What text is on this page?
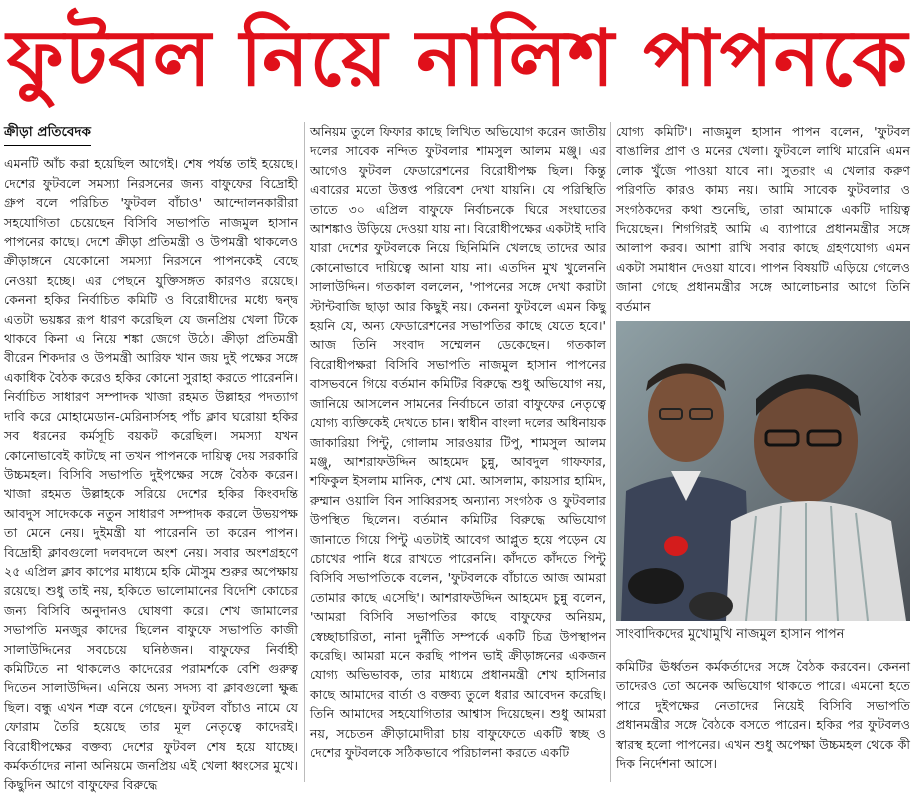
ফুটবল নিয়ে নালিশ পাপনকে
ক্রীড়া প্রতিবেদক

এমনটি আঁচ করা হয়েছিল আগেই। শেষ পর্যন্ত তাই হয়েছে। দেশের ফুটবলে সমস্যা নিরসনের জন্য বাফুফের বিদ্রোহী গ্রুপ বলে পরিচিত 'ফুটবল বাঁচাও' আন্দোলনকারীরা সহযোগিতা চেয়েছেন বিসিবি সভাপতি নাজমুল হাসান পাপনের কাছে। দেশে ক্রীড়া প্রতিমন্ত্রী ও উপমন্ত্রী থাকলেও ক্রীড়াঙ্গনে যেকোনো সমস্যা নিরসনে পাপনকেই বেছে নেওয়া হচ্ছে। এর পেছনে যুক্তিসঙ্গত কারণও রয়েছে। কেননা হকির নির্বাচিত কমিটি ও বিরোধীদের মধ্যে দ্বন্দ্ব এতটা ভয়ঙ্কর রূপ ধারণ করেছিল যে জনপ্রিয় খেলা টিকে থাকবে কিনা এ নিয়ে শঙ্কা জেগে উঠে। ক্রীড়া প্রতিমন্ত্রী বীরেন শিকদার ও উপমন্ত্রী আরিফ খান জয় দুই পক্ষের সঙ্গে একাধিক বৈঠক করেও হকির কোনো সুরাহা করতে পারেননি। নির্বাচিত সাধারণ সম্পাদক খাজা রহমত উল্লাহর পদত্যাগ দাবি করে মোহামেডান-মেরিনার্সসহ পাঁচ ক্লাব ঘরোয়া হকির সব ধরনের কর্মসূচি বয়কট করেছিল। সমস্যা যখন কোনোভাবেই কাটছে না তখন পাপনকে দায়িত্ব দেয় সরকারি উচ্চমহল। বিসিবি সভাপতি দুইপক্ষের সঙ্গে বৈঠক করেন। খাজা রহমত উল্লাহকে সরিয়ে দেশের হকির কিংবদন্তি আবদুস সাদেককে নতুন সাধারণ সম্পাদক করলে উভয়পক্ষ তা মেনে নেয়। দুইমন্ত্রী যা পারেননি তা করেন পাপন। বিদ্রোহী ক্লাবগুলো দলবদলে অংশ নেয়। সবার অংশগ্রহণে ২৫ এপ্রিল ক্লাব কাপের মাধ্যমে হকি মৌসুম শুরুর অপেক্ষায় রয়েছে। শুধু তাই নয়, হকিতে ভালোমানের বিদেশি কোচের জন্য বিসিবি অনুদানও ঘোষণা করে। শেখ জামালের সভাপতি মনজুর কাদের ছিলেন বাফুফে সভাপতি কাজী সালাউদ্দিনের সবচেয়ে ঘনিষ্ঠজন। বাফুফের নির্বাহী কমিটিতে না থাকলেও কাদেরের পরামর্শকে বেশি গুরুত্ব দিতেন সালাউদ্দিন। এনিয়ে অন্য সদস্য বা ক্লাবগুলো ক্ষুব্ধ ছিল। বন্ধু এখন শত্রু বনে গেছেন। ফুটবল বাঁচাও নামে যে ফোরাম তৈরি হয়েছে তার মূল নেতৃত্বে কাদেরই। বিরোধীপক্ষের বক্তব্য দেশের ফুটবল শেষ হয়ে যাচ্ছে। কর্মকর্তাদের নানা অনিয়মে জনপ্রিয় এই খেলা ধ্বংসের মুখে। কিছুদিন আগে বাফুফের বিরুদ্ধে

অনিয়ম তুলে ফিফার কাছে লিখিত অভিযোগ করেন জাতীয় দলের সাবেক নন্দিত ফুটবলার শামসুল আলম মঞ্জু। এর আগেও ফুটবল ফেডারেশনের বিরোধীপক্ষ ছিল। কিন্তু এবারের মতো উত্তপ্ত পরিবেশ দেখা যায়নি। যে পরিস্থিতি তাতে ৩০ এপ্রিল বাফুফে নির্বাচনকে ঘিরে সংঘাতের আশঙ্কাও উড়িয়ে দেওয়া যায় না। বিরোধীপক্ষের একটাই দাবি যারা দেশের ফুটবলকে নিয়ে ছিনিমিনি খেলছে তাদের আর কোনোভাবে দায়িত্বে আনা যায় না। এতদিন মুখ খুলেননি সালাউদ্দিন। গতকাল বললেন, 'পাপনের সঙ্গে দেখা করাটা স্টান্টবাজি ছাড়া আর কিছুই নয়। কেননা ফুটবলে এমন কিছু হয়নি যে, অন্য ফেডারেশনের সভাপতির কাছে যেতে হবে।' আজ তিনি সংবাদ সম্মেলন ডেকেছেন। গতকাল বিরোধীপক্ষরা বিসিবি সভাপতি নাজমুল হাসান পাপনের বাসভবনে গিয়ে বর্তমান কমিটির বিরুদ্ধে শুধু অভিযোগ নয়, জানিয়ে আসলেন সামনের নির্বাচনে তারা বাফুফের নেতৃত্বে যোগ্য ব্যক্তিকেই দেখতে চান। স্বাধীন বাংলা দলের অধিনায়ক জাকারিয়া পিন্টু, গোলাম সারওয়ার টিপু, শামসুল আলম মঞ্জু, আশরাফউদ্দিন আহমেদ চুন্নু, আবদুল গাফফার, শফিকুল ইসলাম মানিক, শেখ মো. আসলাম, কায়সার হামিদ, রুম্মান ওয়ালি বিন সাব্বিরসহ অন্যান্য সংগঠক ও ফুটবলার উপস্থিত ছিলেন। বর্তমান কমিটির বিরুদ্ধে অভিযোগ জানাতে গিয়ে পিন্টু এতটাই আবেগ আপ্লুত হয়ে পড়েন যে চোখের পানি ধরে রাখতে পারেননি। কাঁদতে কাঁদতে পিন্টু বিসিবি সভাপতিকে বলেন, 'ফুটবলকে বাঁচাতে আজ আমরা তোমার কাছে এসেছি'। আশরাফউদ্দিন আহমেদ চুন্নু বলেন, 'আমরা বিসিবি সভাপতির কাছে বাফুফের অনিয়ম, স্বেচ্ছাচারিতা, নানা দুর্নীতি সম্পর্কে একটি চিত্র উপস্থাপন করেছি। আমরা মনে করছি পাপন ভাই ক্রীড়াঙ্গনের একজন যোগ্য অভিভাবক, তার মাধ্যমে প্রধানমন্ত্রী শেখ হাসিনার কাছে আমাদের বার্তা ও বক্তব্য তুলে ধরার আবেদন করেছি। তিনি আমাদের সহযোগিতার আশ্বাস দিয়েছেন। শুধু আমরা নয়, সচেতন ক্রীড়ামোদীরা চায় বাফুফেতে একটি স্বচ্ছ ও দেশের ফুটবলকে সঠিকভাবে পরিচালনা করতে একটি

যোগ্য কমিটি'। নাজমুল হাসান পাপন বলেন, 'ফুটবল বাঙালির প্রাণ ও মনের খেলা। ফুটবলে লাথি মারেনি এমন লোক খুঁজে পাওয়া যাবে না। সুতরাং এ খেলার করুণ পরিণতি কারও কাম্য নয়। আমি সাবেক ফুটবলার ও সংগঠকদের কথা শুনেছি, তারা আমাকে একটি দায়িত্ব দিয়েছেন। শিগগিরই আমি এ ব্যাপারে প্রধানমন্ত্রীর সঙ্গে আলাপ করব। আশা রাখি সবার কাছে গ্রহণযোগ্য এমন একটা সমাধান দেওয়া যাবে। পাপন বিষয়টি এড়িয়ে গেলেও জানা গেছে প্রধানমন্ত্রীর সঙ্গে আলোচনার আগে তিনি বর্তমান

সাংবাদিকদের মুখোমুখি নাজমুল হাসান পাপন

কমিটির ঊর্ধ্বতন কর্মকর্তাদের সঙ্গে বৈঠক করবেন। কেননা তাদেরও তো অনেক অভিযোগ থাকতে পারে। এমনো হতে পারে দুইপক্ষের নেতাদের নিয়েই বিসিবি সভাপতি প্রধানমন্ত্রীর সঙ্গে বৈঠকে বসতে পারেন। হকির পর ফুটবলও স্বারস্থ হলো পাপনের। এখন শুধু অপেক্ষা উচ্চমহল থেকে কী দিক নির্দেশনা আসে।
